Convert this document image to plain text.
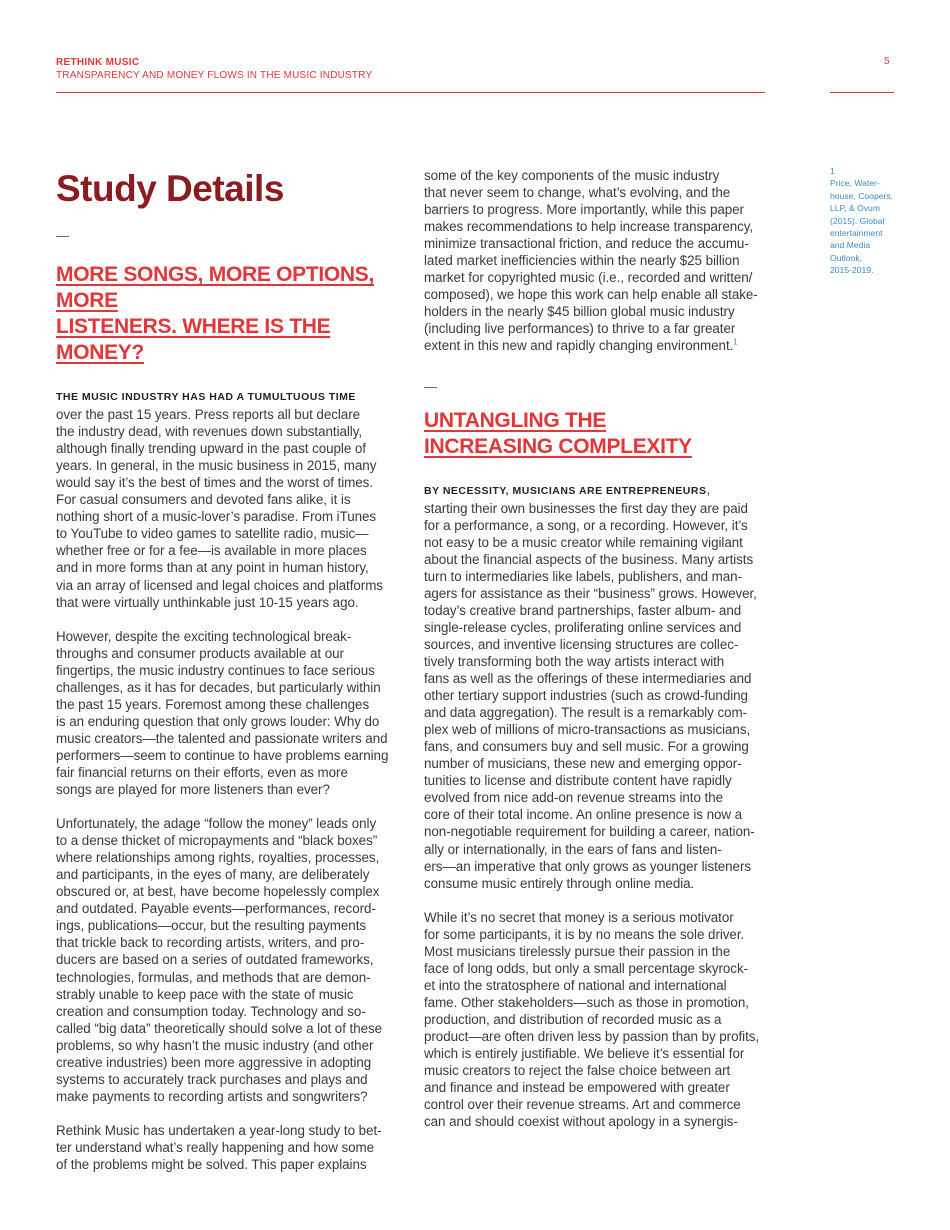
RETHINK MUSIC
TRANSPARENCY AND MONEY FLOWS IN THE MUSIC INDUSTRY
5
Study Details
—
MORE SONGS, MORE OPTIONS, MORE
LISTENERS. WHERE IS THE MONEY?

THE MUSIC INDUSTRY HAS HAD A TUMULTUOUS TIME
over the past 15 years. Press reports all but declare
the industry dead, with revenues down substantially,
although finally trending upward in the past couple of
years. In general, in the music business in 2015, many
would say it’s the best of times and the worst of times.
For casual consumers and devoted fans alike, it is
nothing short of a music-lover’s paradise. From iTunes
to YouTube to video games to satellite radio, music—
whether free or for a fee—is available in more places
and in more forms than at any point in human history,
via an array of licensed and legal choices and platforms
that were virtually unthinkable just 10-15 years ago.

However, despite the exciting technological break-
throughs and consumer products available at our
fingertips, the music industry continues to face serious
challenges, as it has for decades, but particularly within
the past 15 years. Foremost among these challenges
is an enduring question that only grows louder: Why do
music creators—the talented and passionate writers and
performers—seem to continue to have problems earning
fair financial returns on their efforts, even as more
songs are played for more listeners than ever?

Unfortunately, the adage “follow the money” leads only
to a dense thicket of micropayments and “black boxes”
where relationships among rights, royalties, processes,
and participants, in the eyes of many, are deliberately
obscured or, at best, have become hopelessly complex
and outdated. Payable events—performances, record-
ings, publications—occur, but the resulting payments
that trickle back to recording artists, writers, and pro-
ducers are based on a series of outdated frameworks,
technologies, formulas, and methods that are demon-
strably unable to keep pace with the state of music
creation and consumption today. Technology and so-
called “big data” theoretically should solve a lot of these
problems, so why hasn’t the music industry (and other
creative industries) been more aggressive in adopting
systems to accurately track purchases and plays and
make payments to recording artists and songwriters?

Rethink Music has undertaken a year-long study to bet-
ter understand what’s really happening and how some
of the problems might be solved. This paper explains

some of the key components of the music industry
that never seem to change, what’s evolving, and the
barriers to progress. More importantly, while this paper
makes recommendations to help increase transparency,
minimize transactional friction, and reduce the accumu-
lated market inefficiencies within the nearly $25 billion
market for copyrighted music (i.e., recorded and written/
composed), we hope this work can help enable all stake-
holders in the nearly $45 billion global music industry
(including live performances) to thrive to a far greater
extent in this new and rapidly changing environment.$^1$

—
UNTANGLING THE
INCREASING COMPLEXITY

BY NECESSITY, MUSICIANS ARE ENTREPRENEURS,
starting their own businesses the first day they are paid
for a performance, a song, or a recording. However, it’s
not easy to be a music creator while remaining vigilant
about the financial aspects of the business. Many artists
turn to intermediaries like labels, publishers, and man-
agers for assistance as their “business” grows. However,
today’s creative brand partnerships, faster album- and
single-release cycles, proliferating online services and
sources, and inventive licensing structures are collec-
tively transforming both the way artists interact with
fans as well as the offerings of these intermediaries and
other tertiary support industries (such as crowd-funding
and data aggregation). The result is a remarkably com-
plex web of millions of micro-transactions as musicians,
fans, and consumers buy and sell music. For a growing
number of musicians, these new and emerging oppor-
tunities to license and distribute content have rapidly
evolved from nice add-on revenue streams into the
core of their total income. An online presence is now a
non-negotiable requirement for building a career, nation-
ally or internationally, in the ears of fans and listen-
ers—an imperative that only grows as younger listeners
consume music entirely through online media.

While it’s no secret that money is a serious motivator
for some participants, it is by no means the sole driver.
Most musicians tirelessly pursue their passion in the
face of long odds, but only a small percentage skyrock-
et into the stratosphere of national and international
fame. Other stakeholders—such as those in promotion,
production, and distribution of recorded music as a
product—are often driven less by passion than by profits,
which is entirely justifiable. We believe it’s essential for
music creators to reject the false choice between art
and finance and instead be empowered with greater
control over their revenue streams. Art and commerce
can and should coexist without apology in a synergis-

1
Price, Water-
house, Coopers,
LLP, & Ovum
(2015). Global
entertainment
and Media
Outlook,
2015-2019.
